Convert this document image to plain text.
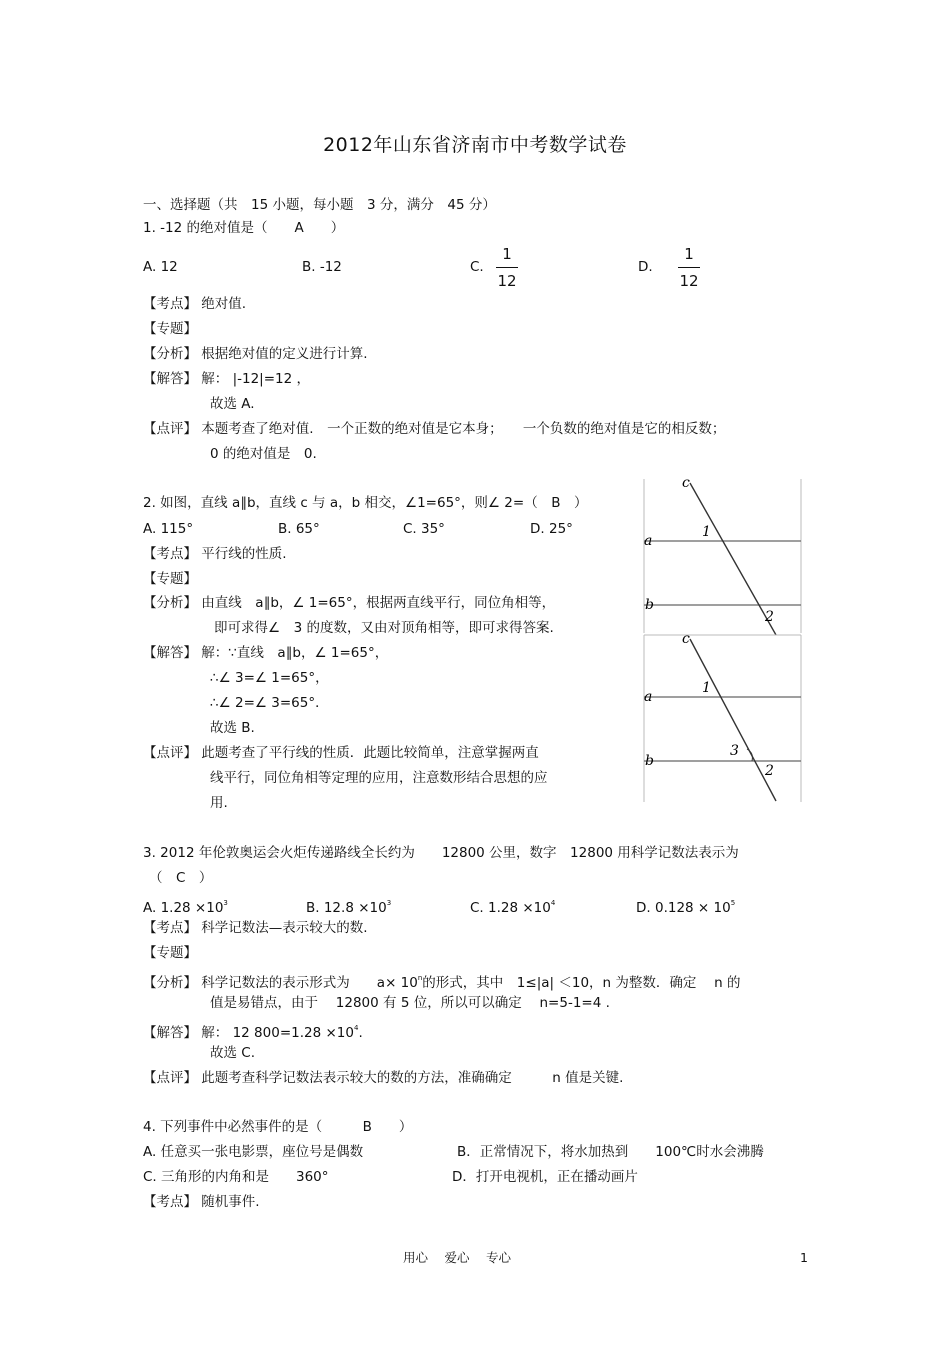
2012年山东省济南市中考数学试卷
一、选择题（共　15 小题，每小题　3 分，满分　45 分）
1. -12 的绝对值是（　　A　　）
A. 12	B. -12	C.
1
12
D.
1
12
【考点】 绝对值.
【专题】
【分析】 根据绝对值的定义进行计算.
【解答】 解： |-12|=12 ，
故选 A.
【点评】 本题考查了绝对值.　一个正数的绝对值是它本身；　　一个负数的绝对值是它的相反数；
0 的绝对值是　0.
2. 如图，直线 a∥b，直线 c 与 a，b 相交，∠1=65°，则∠ 2=（　B　）
A. 115°	B. 65°	C. 35°	D. 25°
【考点】 平行线的性质.
【专题】
【分析】 由直线　a∥b，∠ 1=65°，根据两直线平行，同位角相等，
即可求得∠　3 的度数，又由对顶角相等，即可求得答案.
【解答】 解：∵直线　a∥b，∠ 1=65°，
∴∠ 3=∠ 1=65°，
∴∠ 2=∠ 3=65°．
故选 B.
【点评】 此题考查了平行线的性质．此题比较简单，注意掌握两直
线平行，同位角相等定理的应用，注意数形结合思想的应
用.
c
a
b
1
2
c
a
b
1
3
2
3. 2012 年伦敦奥运会火炬传递路线全长约为　　12800 公里，数字　12800 用科学记数法表示为
（　C　）
A. $1.28 \times 10^3$	B. $12.8 \times 10^3$	C. $1.28 \times 10^4$	D. $0.128 \times 10^5$
【考点】 科学记数法—表示较大的数.
【专题】
【分析】 科学记数法的表示形式为　　$a\times 10^n$的形式，其中　1≤|a| ＜10，n 为整数．确定　 n 的
值是易错点，由于　 12800 有 5 位，所以可以确定　 n=5-1=4 .
【解答】 解： 12 $800=1.28 \times 10^4$.
故选 C.
【点评】 此题考查科学记数法表示较大的数的方法，准确确定　　　n 值是关键.
4. 下列事件中必然事件的是（　　　B　　）
A. 任意买一张电影票，座位号是偶数	B．正常情况下，将水加热到　　100℃时水会沸腾
C. 三角形的内角和是　　360°	D．打开电视机，正在播动画片
【考点】 随机事件.
用心　 爱心　 专心	1
